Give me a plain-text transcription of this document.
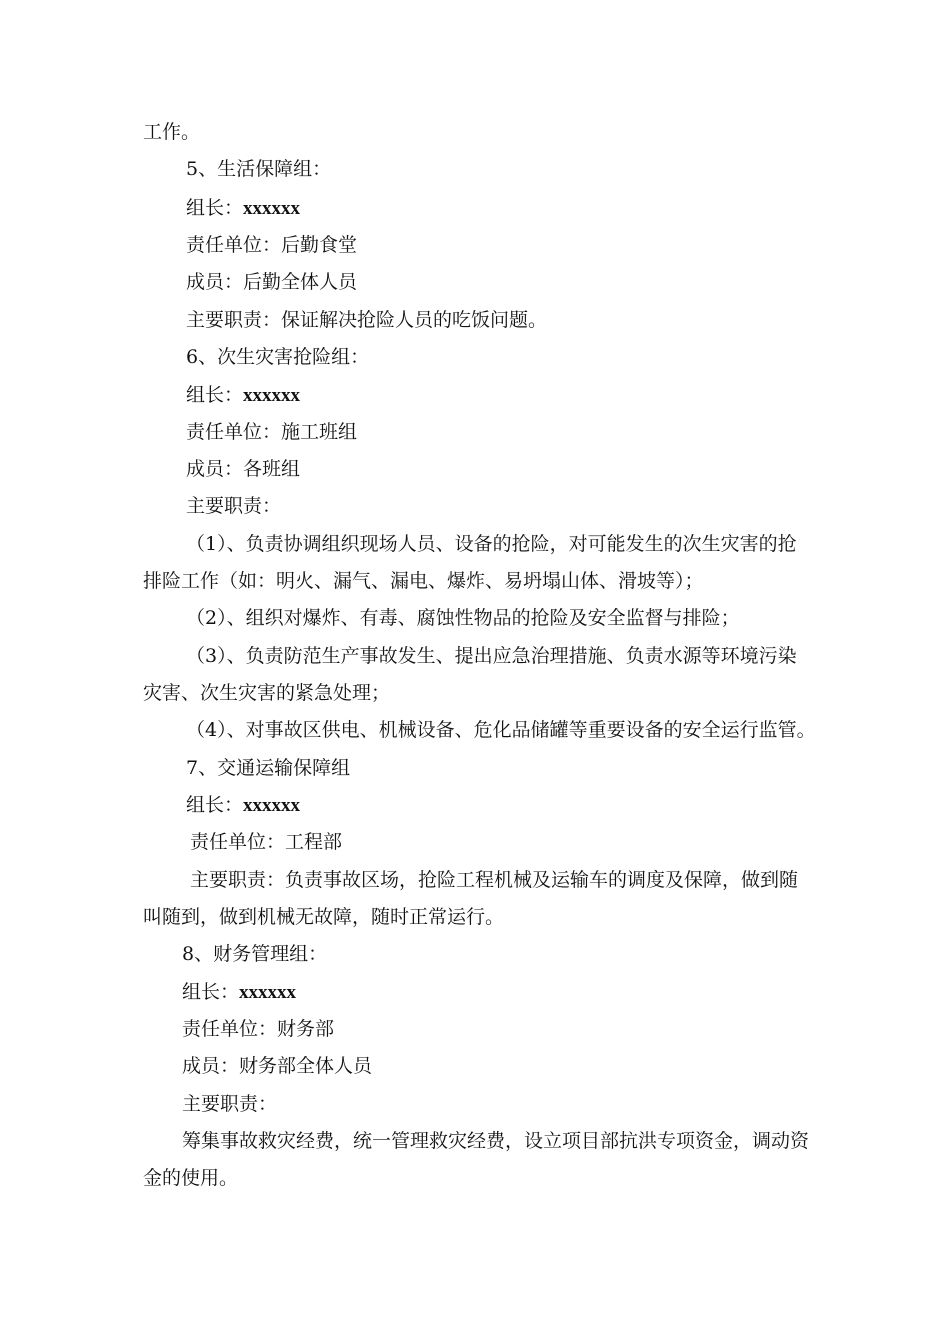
工作。
5、生活保障组：
组长：xxxxxx
责任单位：后勤食堂
成员：后勤全体人员
主要职责：保证解决抢险人员的吃饭问题。
6、次生灾害抢险组：
组长：xxxxxx
责任单位：施工班组
成员：各班组
主要职责：
（1）、负责协调组织现场人员、设备的抢险，对可能发生的次生灾害的抢
排险工作（如：明火、漏气、漏电、爆炸、易坍塌山体、滑坡等）；
（2）、组织对爆炸、有毒、腐蚀性物品的抢险及安全监督与排险；
（3）、负责防范生产事故发生、提出应急治理措施、负责水源等环境污染
灾害、次生灾害的紧急处理；
（4）、对事故区供电、机械设备、危化品储罐等重要设备的安全运行监管。
7、交通运输保障组
组长：xxxxxx
责任单位：工程部
主要职责：负责事故区场，抢险工程机械及运输车的调度及保障，做到随
叫随到，做到机械无故障，随时正常运行。
8、财务管理组：
组长：xxxxxx
责任单位：财务部
成员：财务部全体人员
主要职责：
筹集事故救灾经费，统一管理救灾经费，设立项目部抗洪专项资金，调动资
金的使用。
